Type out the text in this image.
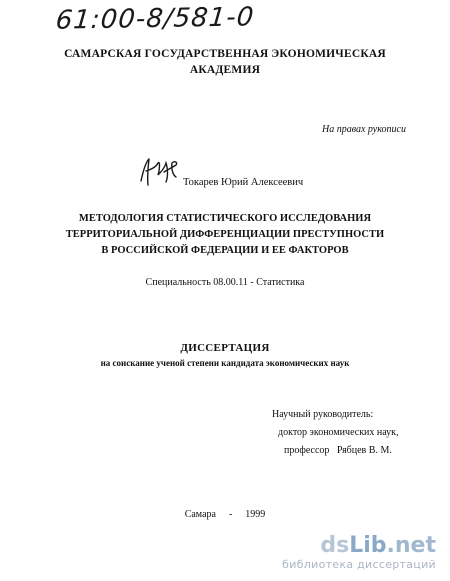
61:00-8/581-0
САМАРСКАЯ ГОСУДАРСТВЕННАЯ ЭКОНОМИЧЕСКАЯ
АКАДЕМИЯ
На правах рукописи
Токарев Юрий Алексеевич
МЕТОДОЛОГИЯ СТАТИСТИЧЕСКОГО ИССЛЕДОВАНИЯ
ТЕРРИТОРИАЛЬНОЙ ДИФФЕРЕНЦИАЦИИ ПРЕСТУПНОСТИ
В РОССИЙСКОЙ ФЕДЕРАЦИИ И ЕЕ ФАКТОРОВ
Специальность 08.00.11 - Статистика
ДИССЕРТАЦИЯ
на соискание ученой степени кандидата экономических наук
Научный руководитель:
доктор экономических наук,
профессор   Рябцев В. М.
Самара  -  1999
dsLib.net
библиотека диссертаций
